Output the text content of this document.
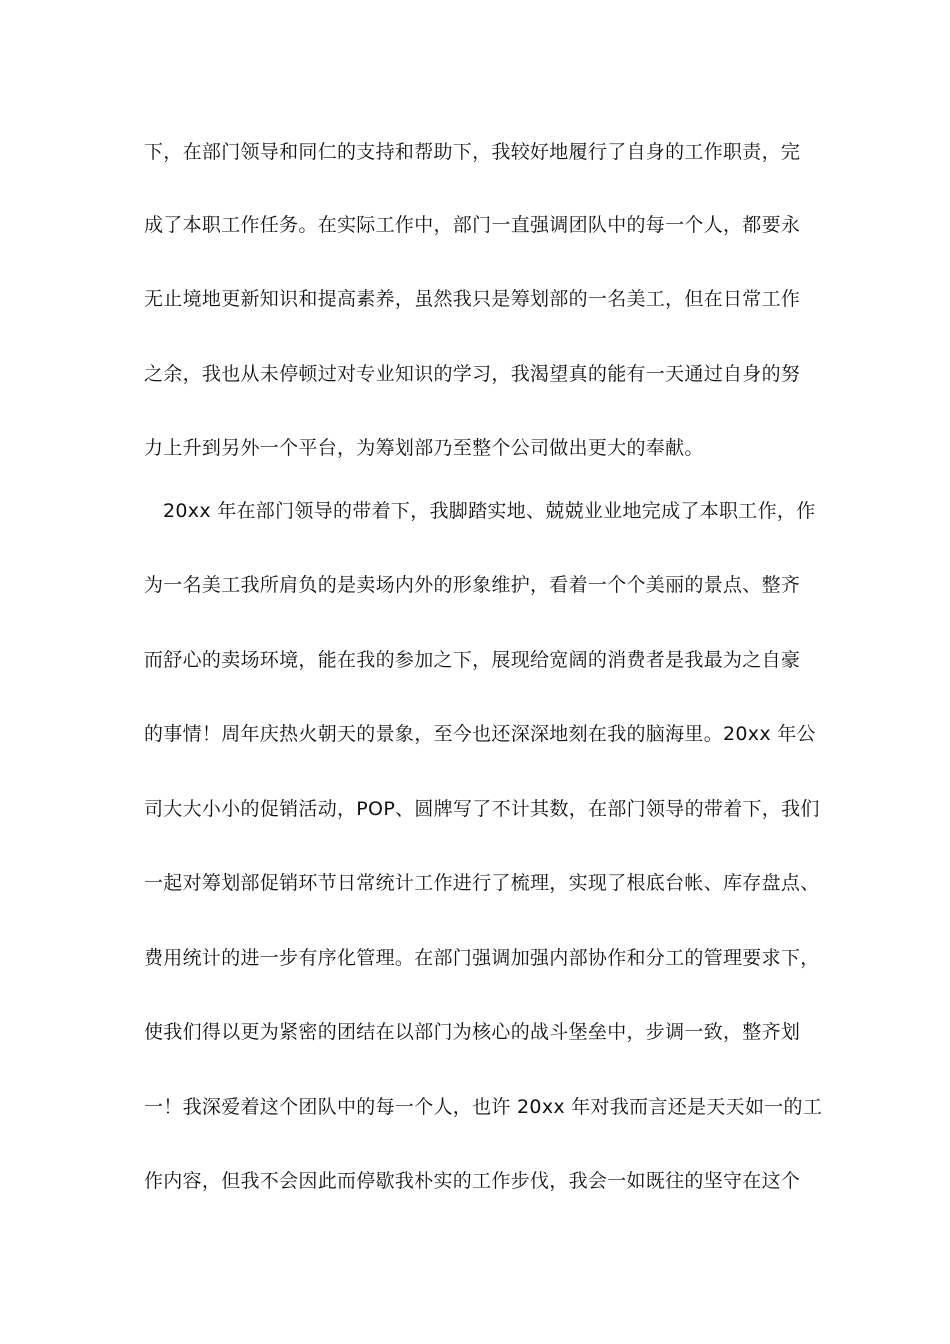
下，在部门领导和同仁的支持和帮助下，我较好地履行了自身的工作职责，完
成了本职工作任务。在实际工作中，部门一直强调团队中的每一个人，都要永
无止境地更新知识和提高素养，虽然我只是筹划部的一名美工，但在日常工作
之余，我也从未停顿过对专业知识的学习，我渴望真的能有一天通过自身的努
力上升到另外一个平台，为筹划部乃至整个公司做出更大的奉献。
20xx 年在部门领导的带着下，我脚踏实地、兢兢业业地完成了本职工作，作
为一名美工我所肩负的是卖场内外的形象维护，看着一个个美丽的景点、整齐
而舒心的卖场环境，能在我的参加之下，展现给宽阔的消费者是我最为之自豪
的事情！周年庆热火朝天的景象，至今也还深深地刻在我的脑海里。20xx 年公
司大大小小的促销活动，POP、圆牌写了不计其数，在部门领导的带着下，我们
一起对筹划部促销环节日常统计工作进行了梳理，实现了根底台帐、库存盘点、
费用统计的进一步有序化管理。在部门强调加强内部协作和分工的管理要求下，
使我们得以更为紧密的团结在以部门为核心的战斗堡垒中，步调一致，整齐划
一！我深爱着这个团队中的每一个人，也许 20xx 年对我而言还是天天如一的工
作内容，但我不会因此而停歇我朴实的工作步伐，我会一如既往的坚守在这个
